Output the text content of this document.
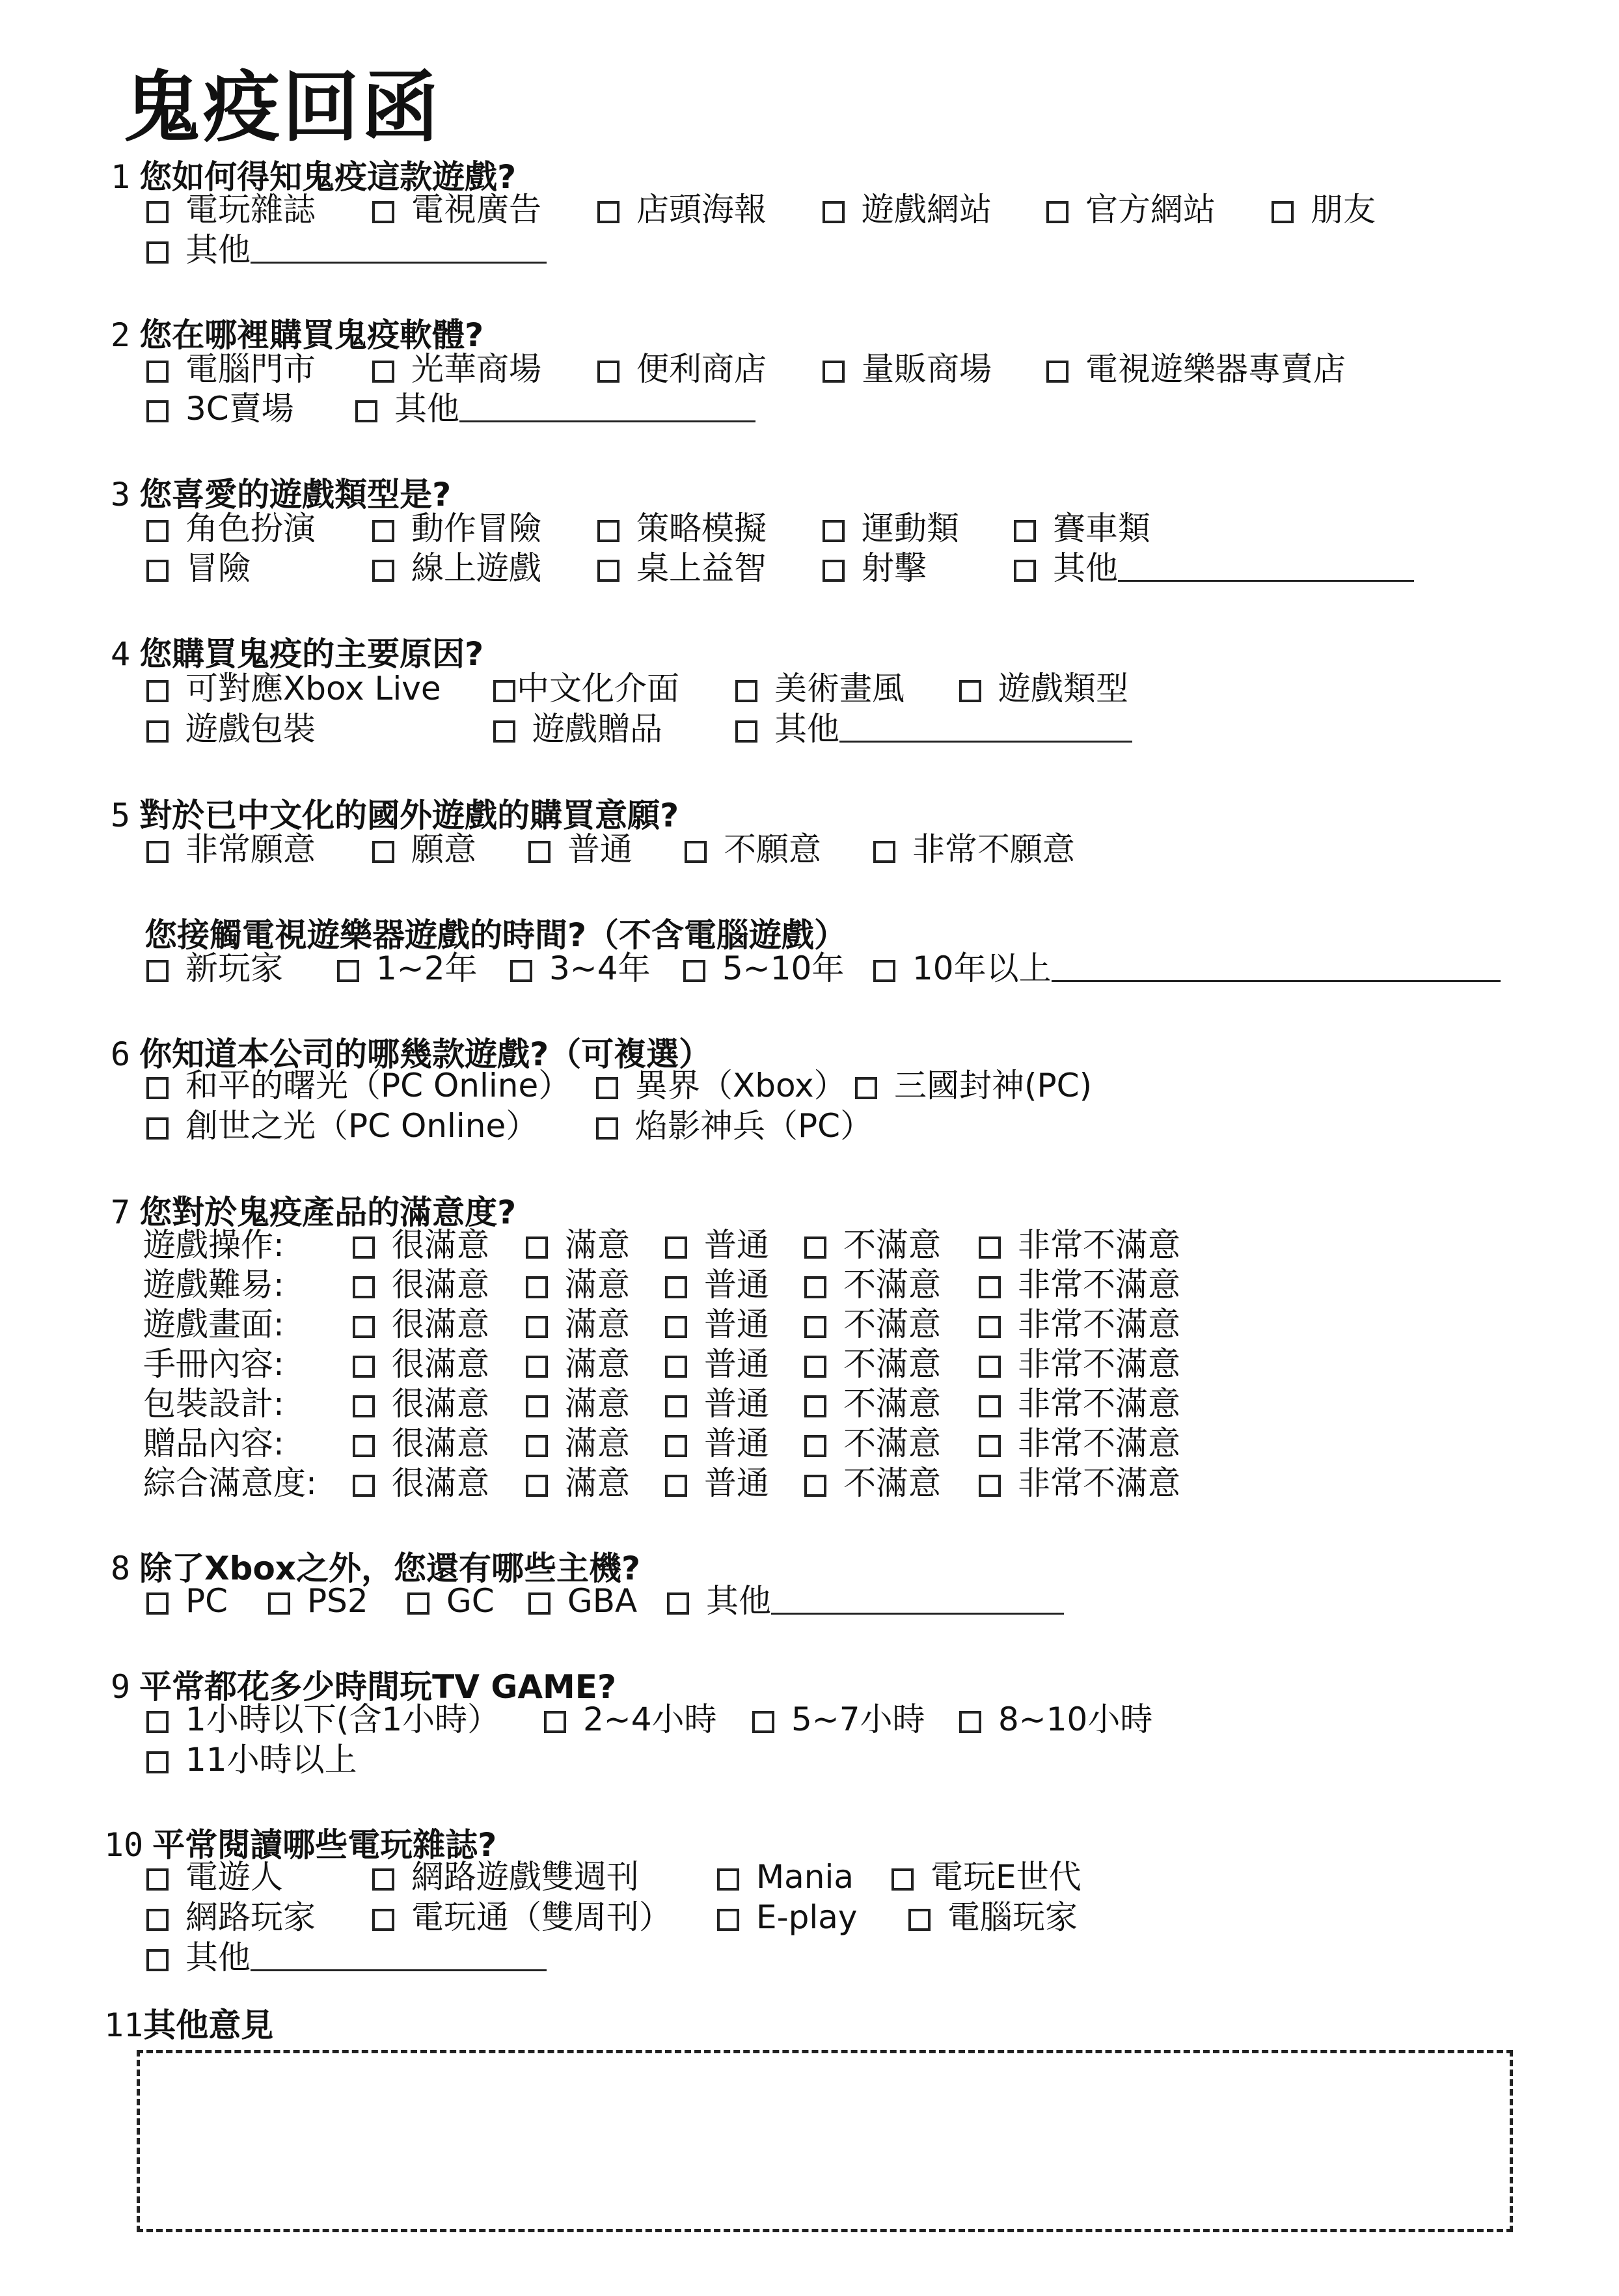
鬼疫回函
1 您如何得知鬼疫這款遊戲?
電玩雜誌	電視廣告	店頭海報	遊戲網站	官方網站	朋友
其他
2 您在哪裡購買鬼疫軟體?
電腦門市	光華商場	便利商店	量販商場	電視遊樂器專賣店
3C賣場	其他
3 您喜愛的遊戲類型是?
角色扮演	動作冒險	策略模擬	運動類	賽車類
冒險	線上遊戲	桌上益智	射擊	其他
4 您購買鬼疫的主要原因?
可對應Xbox Live	中文化介面	美術畫風	遊戲類型
遊戲包裝	遊戲贈品	其他
5 對於已中文化的國外遊戲的購買意願?
非常願意	願意	普通	不願意	非常不願意
您接觸電視遊樂器遊戲的時間?（不含電腦遊戲）
新玩家	1~2年	3~4年	5~10年	10年以上
6 你知道本公司的哪幾款遊戲?（可複選）
和平的曙光（PC Online）	異界（Xbox）	三國封神(PC)
創世之光（PC Online）	焰影神兵（PC）
7 您對於鬼疫產品的滿意度?
遊戲操作:	很滿意	滿意	普通	不滿意	非常不滿意
遊戲難易:	很滿意	滿意	普通	不滿意	非常不滿意
遊戲畫面:	很滿意	滿意	普通	不滿意	非常不滿意
手冊內容:	很滿意	滿意	普通	不滿意	非常不滿意
包裝設計:	很滿意	滿意	普通	不滿意	非常不滿意
贈品內容:	很滿意	滿意	普通	不滿意	非常不滿意
綜合滿意度:	很滿意	滿意	普通	不滿意	非常不滿意
8 除了Xbox之外，您還有哪些主機?
PC	PS2	GC	GBA	其他
9 平常都花多少時間玩TV GAME?
1小時以下(含1小時）	2~4小時	5~7小時	8~10小時
11小時以上
10 平常閱讀哪些電玩雜誌?
電遊人	網路遊戲雙週刊	Mania	電玩E世代
網路玩家	電玩通（雙周刊）	E-play	電腦玩家
其他
11其他意見
